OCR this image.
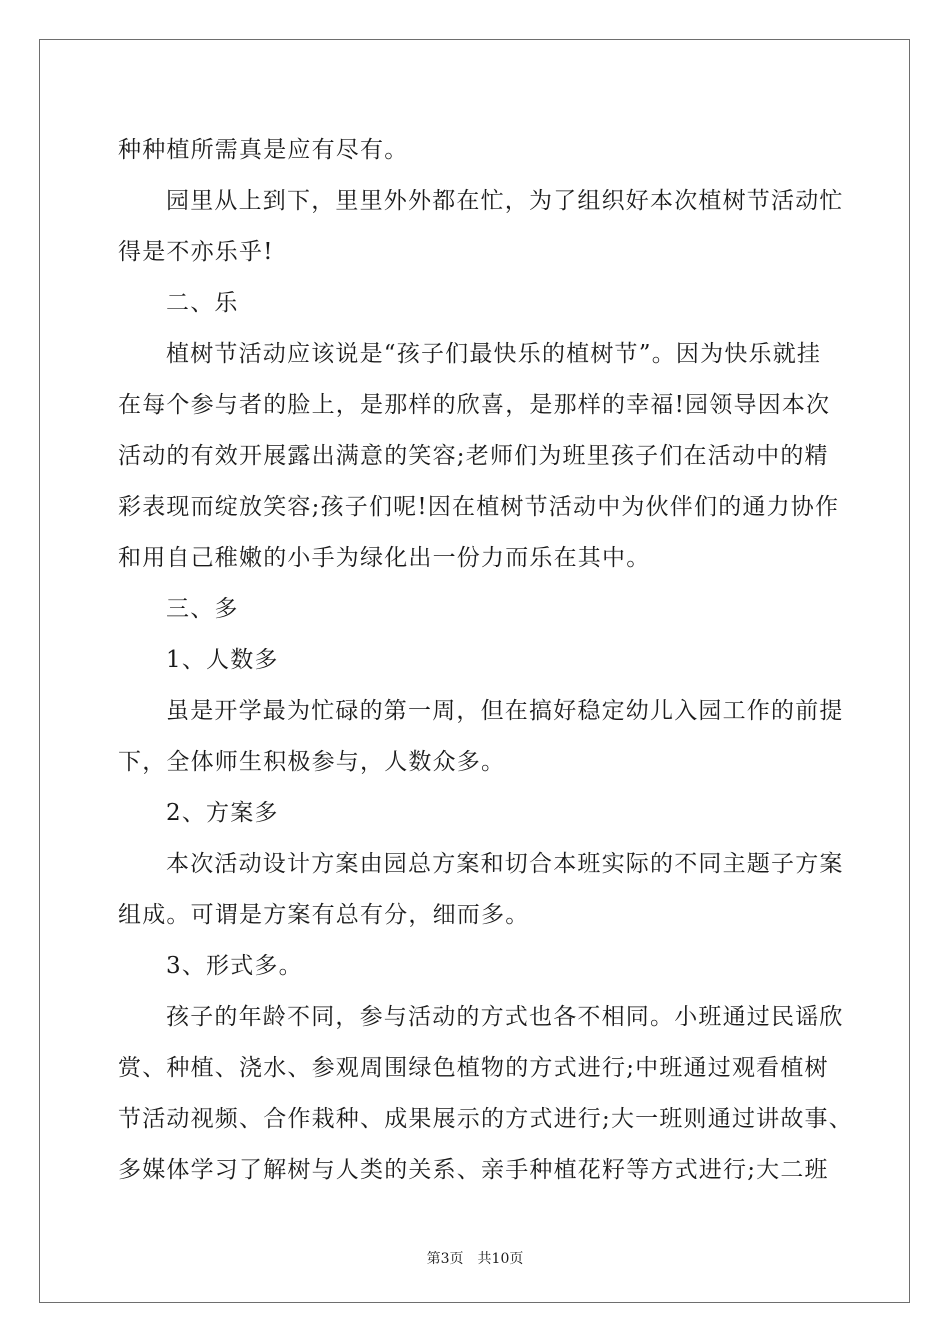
种种植所需真是应有尽有。
园里从上到下，里里外外都在忙，为了组织好本次植树节活动忙
得是不亦乐乎!
二、乐
植树节活动应该说是“孩子们最快乐的植树节”。因为快乐就挂
在每个参与者的脸上，是那样的欣喜，是那样的幸福!园领导因本次
活动的有效开展露出满意的笑容;老师们为班里孩子们在活动中的精
彩表现而绽放笑容;孩子们呢!因在植树节活动中为伙伴们的通力协作
和用自己稚嫩的小手为绿化出一份力而乐在其中。
三、多
1、人数多
虽是开学最为忙碌的第一周，但在搞好稳定幼儿入园工作的前提
下，全体师生积极参与，人数众多。
2、方案多
本次活动设计方案由园总方案和切合本班实际的不同主题子方案
组成。可谓是方案有总有分，细而多。
3、形式多。
孩子的年龄不同，参与活动的方式也各不相同。小班通过民谣欣
赏、种植、浇水、参观周围绿色植物的方式进行;中班通过观看植树
节活动视频、合作栽种、成果展示的方式进行;大一班则通过讲故事、
多媒体学习了解树与人类的关系、亲手种植花籽等方式进行;大二班
第3页 共10页
